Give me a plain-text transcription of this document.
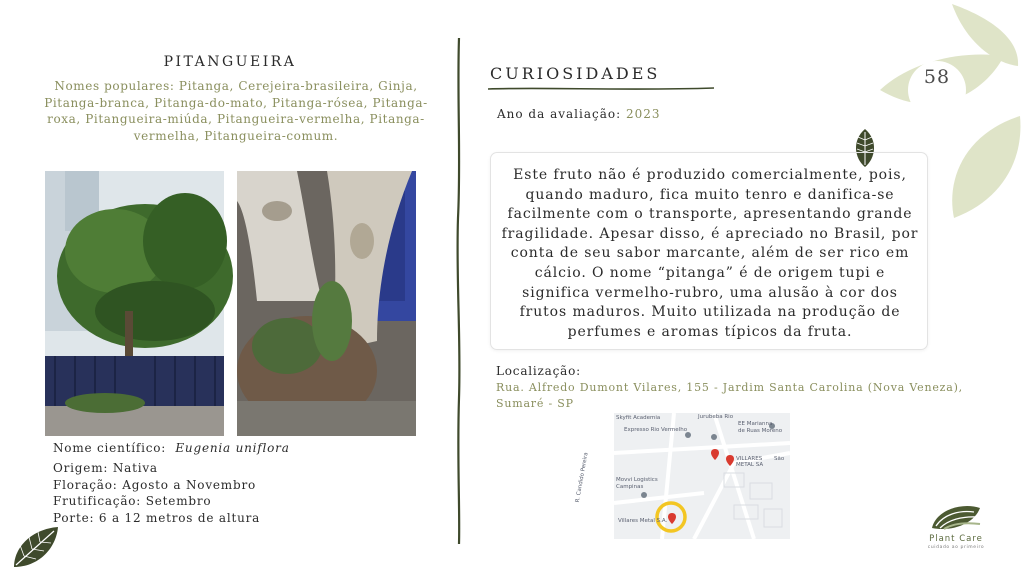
58
PITANGUEIRA
Nomes populares: Pitanga, Cerejeira-brasileira, Ginja, Pitanga-branca, Pitanga-do-mato, Pitanga-rósea, Pitanga-roxa, Pitangueira-miúda, Pitangueira-vermelha, Pitanga-vermelha, Pitangueira-comum.
Nome científico: Eugenia uniflora
Origem: Nativa
Floração: Agosto a Novembro
Frutificação: Setembro
Porte: 6 a 12 metros de altura
CURIOSIDADES
Ano da avaliação: 2023
Este fruto não é produzido comercialmente, pois, quando maduro, fica muito tenro e danifica-se facilmente com o transporte, apresentando grande fragilidade. Apesar disso, é apreciado no Brasil, por conta de seu sabor marcante, além de ser rico em cálcio. O nome “pitanga” é de origem tupi e significa vermelho-rubro, uma alusão à cor dos frutos maduros. Muito utilizada na produção de perfumes e aromas típicos da fruta.
Localização:
Rua. Alfredo Dumont Vilares, 155 - Jardim Santa Carolina (Nova Veneza), Sumaré - SP
Skyfit Academia	Jurubeba Rio
Expresso Rio Vermelho
EE Marianna
de Ruas Moreno
VILLARES
METAL SA
São
Movvi Logistics
Campinas
Villares Metal S.A.
R. Candido Pereira
Plant Care
cuidado ao primeiro
